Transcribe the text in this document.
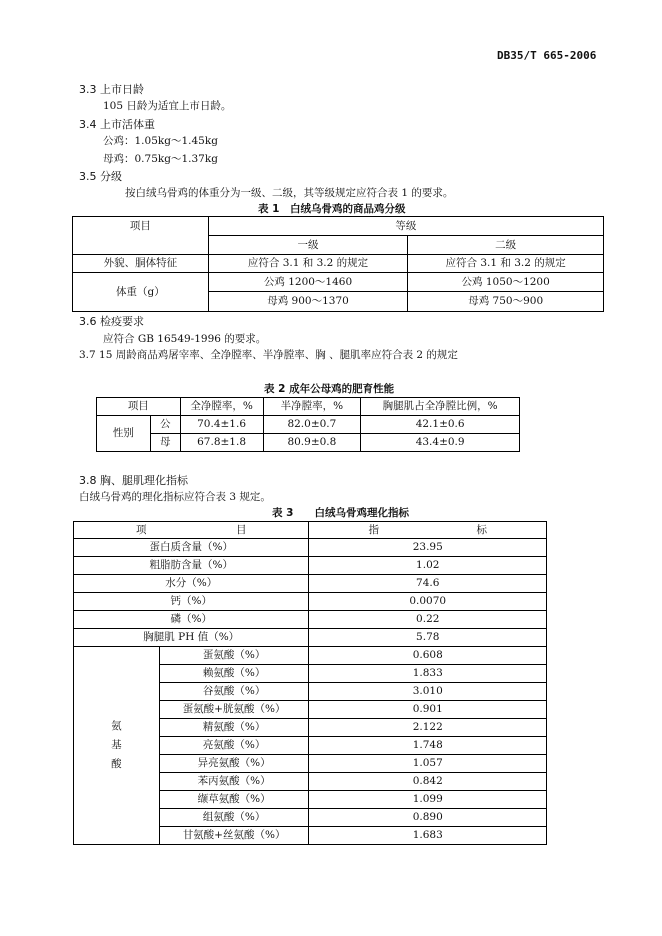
DB35/T 665-2006
3.3 上市日龄
105 日龄为适宜上市日龄。
3.4 上市活体重
公鸡：1.05kg～1.45kg
母鸡：0.75kg～1.37kg
3.5 分级
按白绒乌骨鸡的体重分为一级、二级，其等级规定应符合表 1 的要求。
表 1　白绒乌骨鸡的商品鸡分级
项目	等级	
	一级	二级
外貌、胴体特征	应符合 3.1 和 3.2 的规定	应符合 3.1 和 3.2 的规定
体重（g）	公鸡 1200～1460	公鸡 1050～1200
	母鸡 900～1370	母鸡 750～900
3.6 检疫要求
应符合 GB 16549-1996 的要求。
3.7 15 周龄商品鸡屠宰率、全净膛率、半净膛率、胸 、腿肌率应符合表 2 的规定
表 2 成年公母鸡的肥育性能
项目		全净膛率，%	半净膛率，%	胸腿肌占全净膛比例，%
性别	公	70.4±1.6	82.0±0.7	42.1±0.6
	母	67.8±1.8	80.9±0.8	43.4±0.9
3.8 胸、腿肌理化指标
白绒乌骨鸡的理化指标应符合表 3 规定。
表 3　　白绒乌骨鸡理化指标
项 目		指 标
蛋白质含量（%）		23.95
粗脂肪含量（%）		1.02
水分（%）		74.6
钙（%）		0.0070
磷（%）		0.22
胸腿肌 PH 值（%）		5.78
氨
基
酸	蛋氨酸（%）	0.608
	赖氨酸（%）	1.833
	谷氨酸（%）	3.010
	蛋氨酸+胱氨酸（%）	0.901
	精氨酸（%）	2.122
	亮氨酸（%）	1.748
	异亮氨酸（%）	1.057
	苯丙氨酸（%）	0.842
	缬草氨酸（%）	1.099
	组氨酸（%）	0.890
	甘氨酸+丝氨酸（%）	1.683
